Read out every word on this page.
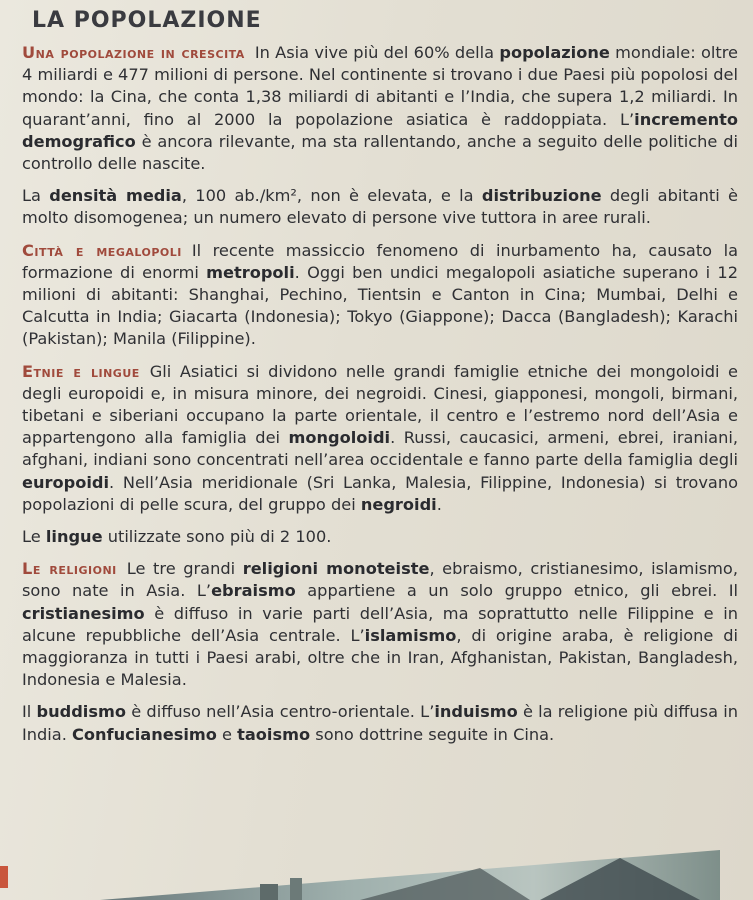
LA POPOLAZIONE

Una popolazione in crescita In Asia vive più del 60% della popolazione mondiale: oltre 4 miliardi e 477 milioni di persone. Nel continente si trovano i due Paesi più popolosi del mondo: la Cina, che conta 1,38 miliardi di abitanti e l’India, che supera 1,2 miliardi. In quarant’anni, fino al 2000 la popolazione asiatica è raddoppiata. L’incremento demografico è ancora rilevante, ma sta rallentando, anche a seguito delle politiche di controllo delle nascite.

La densità media, 100 ab./km², non è elevata, e la distribuzione degli abitanti è molto disomogenea; un numero elevato di persone vive tuttora in aree rurali.

Città e megalopoli Il recente massiccio fenomeno di inurbamento ha, causato la formazione di enormi metropoli. Oggi ben undici megalopoli asiatiche superano i 12 milioni di abitanti: Shanghai, Pechino, Tientsin e Canton in Cina; Mumbai, Delhi e Calcutta in India; Giacarta (Indonesia); Tokyo (Giappone); Dacca (Bangladesh); Karachi (Pakistan); Manila (Filippine).

Etnie e lingue Gli Asiatici si dividono nelle grandi famiglie etniche dei mongoloidi e degli europoidi e, in misura minore, dei negroidi. Cinesi, giapponesi, mongoli, birmani, tibetani e siberiani occupano la parte orientale, il centro e l’estremo nord dell’Asia e appartengono alla famiglia dei mongoloidi. Russi, caucasici, armeni, ebrei, iraniani, afghani, indiani sono concentrati nell’area occidentale e fanno parte della famiglia degli europoidi. Nell’Asia meridionale (Sri Lanka, Malesia, Filippine, Indonesia) si trovano popolazioni di pelle scura, del gruppo dei negroidi.

Le lingue utilizzate sono più di 2 100.

Le religioni Le tre grandi religioni monoteiste, ebraismo, cristianesimo, islamismo, sono nate in Asia. L’ebraismo appartiene a un solo gruppo etnico, gli ebrei. Il cristianesimo è diffuso in varie parti dell’Asia, ma soprattutto nelle Filippine e in alcune repubbliche dell’Asia centrale. L’islamismo, di origine araba, è religione di maggioranza in tutti i Paesi arabi, oltre che in Iran, Afghanistan, Pakistan, Bangladesh, Indonesia e Malesia.

Il buddismo è diffuso nell’Asia centro-orientale. L’induismo è la religione più diffusa in India. Confucianesimo e taoismo sono dottrine seguite in Cina.
